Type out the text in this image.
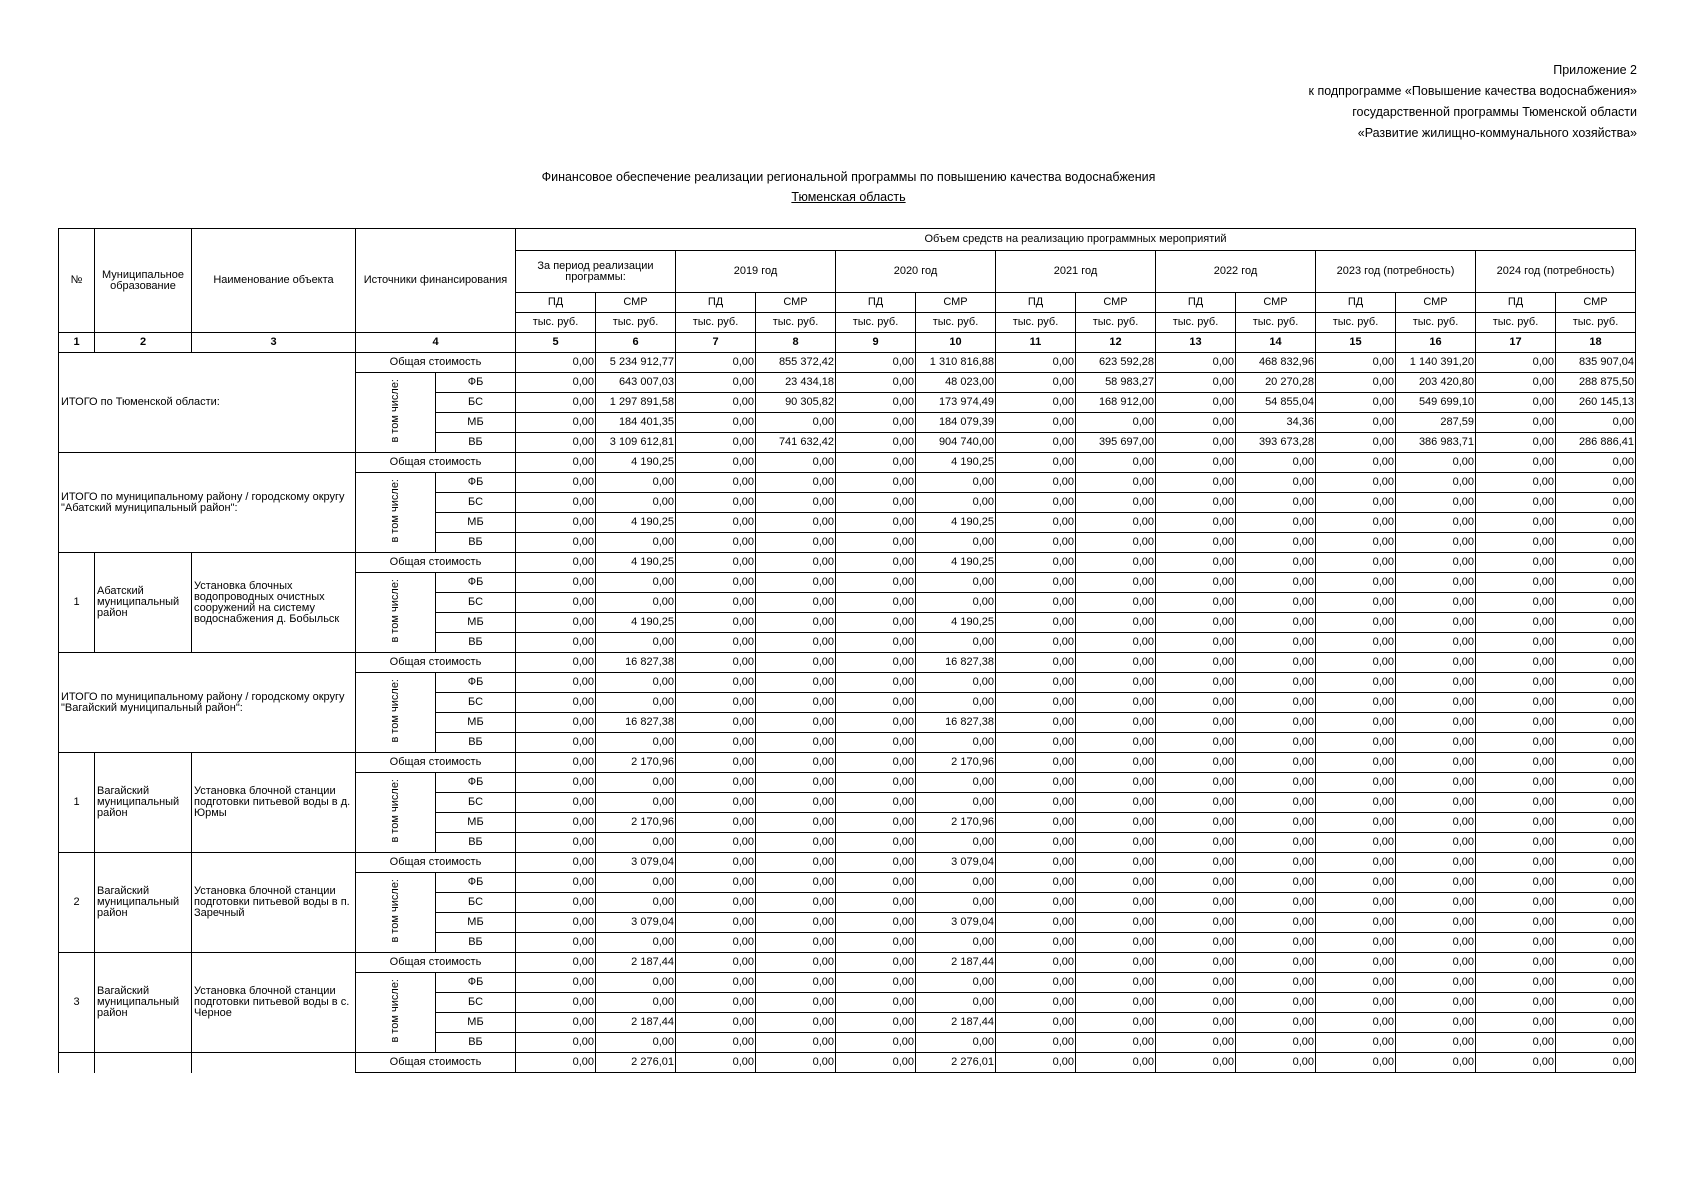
Приложение 2
к подпрограмме «Повышение качества водоснабжения»
государственной программы Тюменской области
«Развитие жилищно-коммунального хозяйства»
Финансовое обеспечение реализации региональной программы по повышению качества водоснабжения
Тюменская область
№	Муниципальное образование	Наименование объекта	Источники финансирования		Объем средств на реализацию программных мероприятий													
					За период реализации программы:		2019 год		2020 год		2021 год		2022 год		2023 год (потребность)		2024 год (потребность)	
					ПД	СМР	ПД	СМР	ПД	СМР	ПД	СМР	ПД	СМР	ПД	СМР	ПД	СМР
					тыс. руб.	тыс. руб.	тыс. руб.	тыс. руб.	тыс. руб.	тыс. руб.	тыс. руб.	тыс. руб.	тыс. руб.	тыс. руб.	тыс. руб.	тыс. руб.	тыс. руб.	тыс. руб.
1	2	3	4		5	6	7	8	9	10	11	12	13	14	15	16	17	18
ИТОГО по Тюменской области:			Общая стоимость		0,00	5 234 912,77	0,00	855 372,42	0,00	1 310 816,88	0,00	623 592,28	0,00	468 832,96	0,00	1 140 391,20	0,00	835 907,04
			в том числе:	ФБ	0,00	643 007,03	0,00	23 434,18	0,00	48 023,00	0,00	58 983,27	0,00	20 270,28	0,00	203 420,80	0,00	288 875,50
				БС	0,00	1 297 891,58	0,00	90 305,82	0,00	173 974,49	0,00	168 912,00	0,00	54 855,04	0,00	549 699,10	0,00	260 145,13
				МБ	0,00	184 401,35	0,00	0,00	0,00	184 079,39	0,00	0,00	0,00	34,36	0,00	287,59	0,00	0,00
				ВБ	0,00	3 109 612,81	0,00	741 632,42	0,00	904 740,00	0,00	395 697,00	0,00	393 673,28	0,00	386 983,71	0,00	286 886,41
ИТОГО по муниципальному району / городскому округу "Абатский муниципальный район":			Общая стоимость		0,00	4 190,25	0,00	0,00	0,00	4 190,25	0,00	0,00	0,00	0,00	0,00	0,00	0,00	0,00
			в том числе:	ФБ	0,00	0,00	0,00	0,00	0,00	0,00	0,00	0,00	0,00	0,00	0,00	0,00	0,00	0,00
				БС	0,00	0,00	0,00	0,00	0,00	0,00	0,00	0,00	0,00	0,00	0,00	0,00	0,00	0,00
				МБ	0,00	4 190,25	0,00	0,00	0,00	4 190,25	0,00	0,00	0,00	0,00	0,00	0,00	0,00	0,00
				ВБ	0,00	0,00	0,00	0,00	0,00	0,00	0,00	0,00	0,00	0,00	0,00	0,00	0,00	0,00
1	Абатский муниципальный район	Установка блочных водопроводных очистных сооружений на систему водоснабжения д. Бобыльск	Общая стоимость		0,00	4 190,25	0,00	0,00	0,00	4 190,25	0,00	0,00	0,00	0,00	0,00	0,00	0,00	0,00
			в том числе:	ФБ	0,00	0,00	0,00	0,00	0,00	0,00	0,00	0,00	0,00	0,00	0,00	0,00	0,00	0,00
				БС	0,00	0,00	0,00	0,00	0,00	0,00	0,00	0,00	0,00	0,00	0,00	0,00	0,00	0,00
				МБ	0,00	4 190,25	0,00	0,00	0,00	4 190,25	0,00	0,00	0,00	0,00	0,00	0,00	0,00	0,00
				ВБ	0,00	0,00	0,00	0,00	0,00	0,00	0,00	0,00	0,00	0,00	0,00	0,00	0,00	0,00
ИТОГО по муниципальному району / городскому округу "Вагайский муниципальный район":			Общая стоимость		0,00	16 827,38	0,00	0,00	0,00	16 827,38	0,00	0,00	0,00	0,00	0,00	0,00	0,00	0,00
			в том числе:	ФБ	0,00	0,00	0,00	0,00	0,00	0,00	0,00	0,00	0,00	0,00	0,00	0,00	0,00	0,00
				БС	0,00	0,00	0,00	0,00	0,00	0,00	0,00	0,00	0,00	0,00	0,00	0,00	0,00	0,00
				МБ	0,00	16 827,38	0,00	0,00	0,00	16 827,38	0,00	0,00	0,00	0,00	0,00	0,00	0,00	0,00
				ВБ	0,00	0,00	0,00	0,00	0,00	0,00	0,00	0,00	0,00	0,00	0,00	0,00	0,00	0,00
1	Вагайский муниципальный район	Установка блочной станции подготовки питьевой воды в д. Юрмы	Общая стоимость		0,00	2 170,96	0,00	0,00	0,00	2 170,96	0,00	0,00	0,00	0,00	0,00	0,00	0,00	0,00
			в том числе:	ФБ	0,00	0,00	0,00	0,00	0,00	0,00	0,00	0,00	0,00	0,00	0,00	0,00	0,00	0,00
				БС	0,00	0,00	0,00	0,00	0,00	0,00	0,00	0,00	0,00	0,00	0,00	0,00	0,00	0,00
				МБ	0,00	2 170,96	0,00	0,00	0,00	2 170,96	0,00	0,00	0,00	0,00	0,00	0,00	0,00	0,00
				ВБ	0,00	0,00	0,00	0,00	0,00	0,00	0,00	0,00	0,00	0,00	0,00	0,00	0,00	0,00
2	Вагайский муниципальный район	Установка блочной станции подготовки питьевой воды в п. Заречный	Общая стоимость		0,00	3 079,04	0,00	0,00	0,00	3 079,04	0,00	0,00	0,00	0,00	0,00	0,00	0,00	0,00
			в том числе:	ФБ	0,00	0,00	0,00	0,00	0,00	0,00	0,00	0,00	0,00	0,00	0,00	0,00	0,00	0,00
				БС	0,00	0,00	0,00	0,00	0,00	0,00	0,00	0,00	0,00	0,00	0,00	0,00	0,00	0,00
				МБ	0,00	3 079,04	0,00	0,00	0,00	3 079,04	0,00	0,00	0,00	0,00	0,00	0,00	0,00	0,00
				ВБ	0,00	0,00	0,00	0,00	0,00	0,00	0,00	0,00	0,00	0,00	0,00	0,00	0,00	0,00
3	Вагайский муниципальный район	Установка блочной станции подготовки питьевой воды в с. Черное	Общая стоимость		0,00	2 187,44	0,00	0,00	0,00	2 187,44	0,00	0,00	0,00	0,00	0,00	0,00	0,00	0,00
			в том числе:	ФБ	0,00	0,00	0,00	0,00	0,00	0,00	0,00	0,00	0,00	0,00	0,00	0,00	0,00	0,00
				БС	0,00	0,00	0,00	0,00	0,00	0,00	0,00	0,00	0,00	0,00	0,00	0,00	0,00	0,00
				МБ	0,00	2 187,44	0,00	0,00	0,00	2 187,44	0,00	0,00	0,00	0,00	0,00	0,00	0,00	0,00
				ВБ	0,00	0,00	0,00	0,00	0,00	0,00	0,00	0,00	0,00	0,00	0,00	0,00	0,00	0,00
			Общая стоимость		0,00	2 276,01	0,00	0,00	0,00	2 276,01	0,00	0,00	0,00	0,00	0,00	0,00	0,00	0,00
